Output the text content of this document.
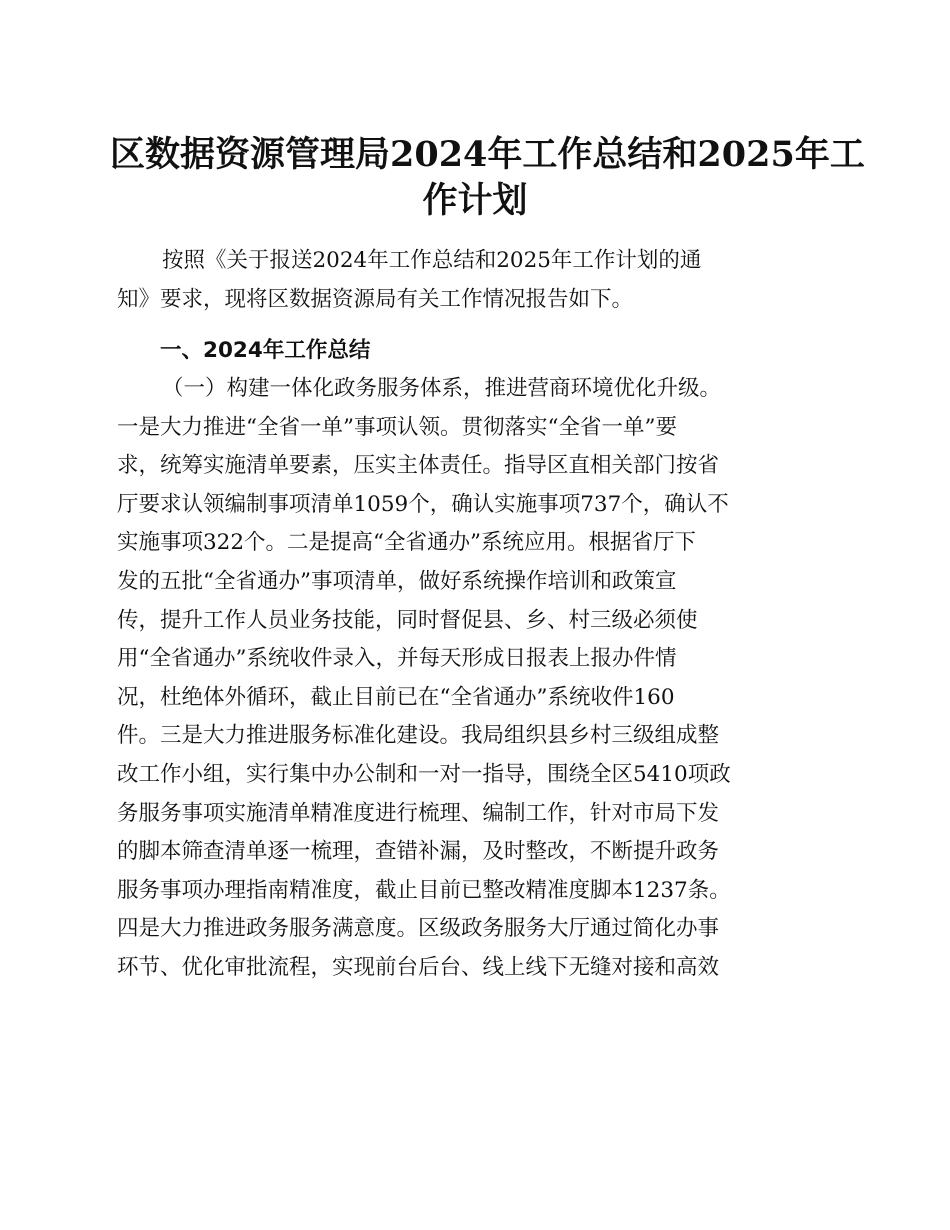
区数据资源管理局2024年工作总结和2025年工
作计划
按照《关于报送2024年工作总结和2025年工作计划的通
知》要求，现将区数据资源局有关工作情况报告如下。
一、2024年工作总结
（一）构建一体化政务服务体系，推进营商环境优化升级。
一是大力推进“全省一单”事项认领。贯彻落实“全省一单”要
求，统筹实施清单要素，压实主体责任。指导区直相关部门按省
厅要求认领编制事项清单1059个，确认实施事项737个，确认不
实施事项322个。二是提高“全省通办”系统应用。根据省厅下
发的五批“全省通办”事项清单，做好系统操作培训和政策宣
传，提升工作人员业务技能，同时督促县、乡、村三级必须使
用“全省通办”系统收件录入，并每天形成日报表上报办件情
况，杜绝体外循环，截止目前已在“全省通办”系统收件160
件。三是大力推进服务标准化建设。我局组织县乡村三级组成整
改工作小组，实行集中办公制和一对一指导，围绕全区5410项政
务服务事项实施清单精准度进行梳理、编制工作，针对市局下发
的脚本筛查清单逐一梳理，查错补漏，及时整改，不断提升政务
服务事项办理指南精准度，截止目前已整改精准度脚本1237条。
四是大力推进政务服务满意度。区级政务服务大厅通过简化办事
环节、优化审批流程，实现前台后台、线上线下无缝对接和高效
